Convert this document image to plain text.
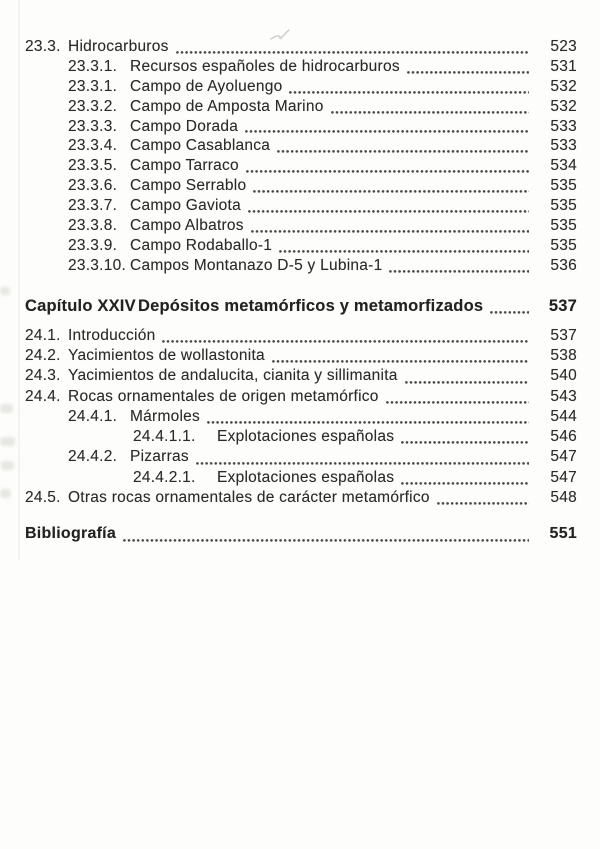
23.3. Hidrocarburos	523
23.3.1. Recursos españoles de hidrocarburos	531
23.3.1. Campo de Ayoluengo	532
23.3.2. Campo de Amposta Marino	532
23.3.3. Campo Dorada	533
23.3.4. Campo Casablanca	533
23.3.5. Campo Tarraco	534
23.3.6. Campo Serrablo	535
23.3.7. Campo Gaviota	535
23.3.8. Campo Albatros	535
23.3.9. Campo Rodaballo-1	535
23.3.10. Campos Montanazo D-5 y Lubina-1	536
Capítulo XXIV Depósitos metamórficos y metamorfizados	537
24.1. Introducción	537
24.2. Yacimientos de wollastonita	538
24.3. Yacimientos de andalucita, cianita y sillimanita	540
24.4. Rocas ornamentales de origen metamórfico	543
24.4.1. Mármoles	544
24.4.1.1.	Explotaciones españolas	546
24.4.2. Pizarras	547
24.4.2.1.	Explotaciones españolas	547
24.5. Otras rocas ornamentales de carácter metamórfico	548
Bibliografía	551
